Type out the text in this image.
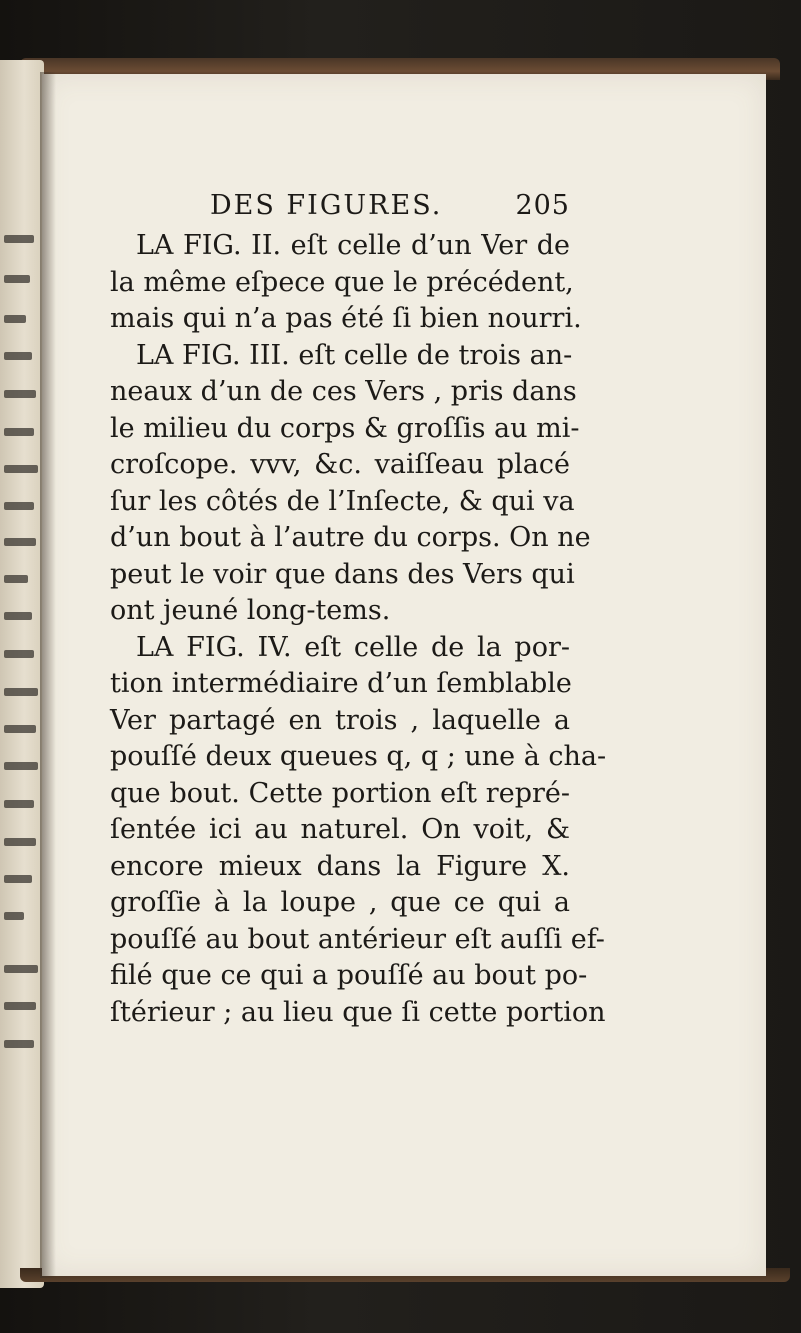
DES FIGURES.	205
LA FIG. II. eſt celle d’un Ver de
la même eſpece que le précédent,
mais qui n’a pas été ſi bien nourri.
LA FIG. III. eſt celle de trois an-
neaux d’un de ces Vers , pris dans
le milieu du corps & groſſis au mi-
croſcope. vvv, &c. vaiſſeau placé
ſur les côtés de l’Inſecte, & qui va
d’un bout à l’autre du corps. On ne
peut le voir que dans des Vers qui
ont jeuné long-tems.
LA FIG. IV. eſt celle de la por-
tion intermédiaire d’un ſemblable
Ver partagé en trois , laquelle a
pouſſé deux queues q, q ; une à cha-
que bout. Cette portion eſt repré-
ſentée ici au naturel. On voit, &
encore mieux dans la Figure X.
groſſie à la loupe , que ce qui a
pouſſé au bout antérieur eſt auſſi ef-
filé que ce qui a pouſſé au bout po-
ſtérieur ; au lieu que ſi cette portion
